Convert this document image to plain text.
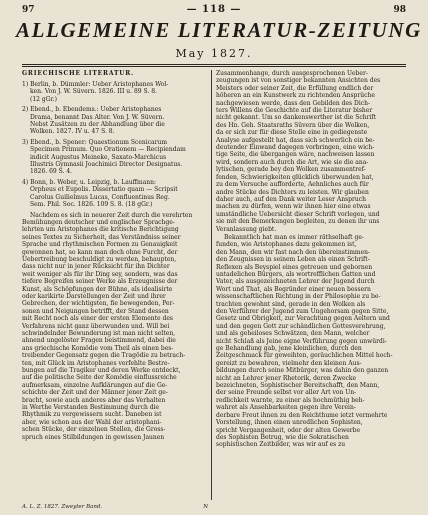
97	— 118 —	98
ALLGEMEINE LITERATUR-ZEITUNG
May 1827.
GRIECHISCHE LITERATUR.
1) Berlin, b. Dümmler: Ueber Aristophanes Wol-
ken. Von J. W. Süvern. 1826. III u. 89 S. 8.
(12 gGr.)
2) Ebend., b. Ebendems.: Ueber Aristophanes
Drama, benannt Das Alter. Von J. W. Süvern.
Nebst Zusätzen zu der Abhandlung über die
Wolken. 1827. IV u. 47 S. 8.
3) Ebend., b. Spener: Quaestionum Scenicarum
Specimen Primum. Quo Orationem — Recipiendam
indicit Augustus Meineke, Saxato-Marchicus
Illustris Gymnasii Joachimici Director Designatus.
1826. 69 S. 4.
4) Bonn, b. Weber, u. Leipzig, b. Lauffmann:
Orpheus et Eupolis. Dissertatio quam — Scripsit
Carolus Guilielmus Lucas, Confluentinus Reg.
Sem. Phil. Soc. 1826. 109 S. 8. (18 gGr.)
Nachdem es sich in neuerer Zeit durch die verehrten
Bemühungen deutscher und englischer Sprachge-
lehrten um Aristophanes die kritische Berichtigung
seines Textes zu Sicherheit, das Verständniss seiner
Sprache und rhythmischen Formen zu Genauigkeit
gewonnen hat, so kann man doch ohne Furcht, der
Uebertreibung beschuldigt zu werden, behaupten,
dass nicht nur in jener Rücksicht für ihn Dichter
weit weniger als für ihr Ding sey, sondern, was das
tiefere Begreifen seiner Werke als Erzeugnisse der
Kunst, als Schöpfungen der Bühne, als idealisirte
oder karikirte Darstellungen der Zeit und ihrer
Gebrechen, der wichtigsten, fie bewegenden, Per-
sonen und Neigungen betrifft, der Stand dessen
mit Recht noch als einer der ersten Elemente des
Verfahrens nicht ganz überwunden und. Will bei
schwindelnder Bewunderung ist man nicht selten,
ahnend ungelöster Fragen beistimmend, dabei die
ans griechische Komödie vom Theil als einen bes-
treibender Gegensatz gegen die Tragödie zu betrach-
ten, mit Glück im Aristophanes verfehlte Bestre-
bungen auf die Tragiker und deren Werke entdeckt,
auf die politische Seite der Komödie einflussreiche
aufmerksam, einzelne Aufklärungen auf die Ge-
schichte der Zeit und der Männer jener Zeit ge-
bracht, sowie auch anderes aber das Verhalten
in Werthe Verstanden Bestimmung durch die
Rhythmik zu vergewissern sucht. Daneben ist
aber, wie schon aus der Wahl der aristophani-
schen Stücke, der einzelnen Stellen, die Gross-
spruch eines Stilbildungen in gewissen Jaunen
Zusammenhange, durch ausgesprochenen Ueber-
zeugungen ist von sonstiger bekannten Ansichten des
Meisters oder seiner Zeit, die Erfüllung endlich der
höheren an ein Kunstwerk zu richtenden Ansprüche
nachgewiesen werde, dass den Gebilden des Dich-
ters Willens die Geschichte auf die Literatur bisher
nicht gekannt. Um so dankenswerther ist die Schrift
des Hn. Geh. Staatsraths Süvern über die Wolken,
da er sich zur für diese Stelle eine in gediegenste
Analyse aufgestellt hat, dass sich schwerlich ein be-
deutender Einwand dagegen vorbringen, eine wich-
tige Seite, die übergangen wäre, nachweisen lassen
wird, sondern auch durch die Art, wie sie die ana-
lytischen, gerade bey den Wolken zusammentref-
fenden, Schwierigkeiten glücklich überwunden hat,
zu dem Versuche aufforderte, Aehnliches auch für
andre Stücke des Dichters zu leisten. Wir glauben
daher auch, auf den Dank weiter Leser Anspruch
machen zu dürfen, wenn wir ihnen hier eine etwas
umständliche Uebersicht dieser Schrift vorlegen, und
sie mit den Bemerkungen begleiten, zu denen ihr uns
Veranlassung giebt.
Bekanntlich hat man es immer räthselhaft ge-
funden, wie Aristophanes dazu gekommen ist,
den Mann, den wir fast nach den übereinstimmen-
den Zeugnissen in seinem Leben als einen Schrift-
Reflexen als Beyspiel eines getreuen und gebornen
untadelichen Bürgers, als wortrefflichen Gatten und
Vater, als ausgezeichneten Lehrer der Jugend durch
Wort und That, als Begründer einer neuen bessern
wissenschaftlichen Richtung in der Philosophie zu be-
trachten gewohnt sind, gerade in den Wolken als
den Verführer der Jugend zum Ungehorsam gegen Sitte,
Gesetz und Obrigkeit, zur Verachtung gegen Aeltern und
und den gegen Gott zur schändlichen Gottesverehrung,
und als geheiloses Schwätzen, den Mann, welcher
nicht Schlaß als Jeine eigne Verführung gegen unwürdi-
ge Behandlung gab, jene kleinlichen, durch den
Zeitgeschmack für geweihten, geräuchlichen Mittel hoch-
gereizt zu bewahren, vielmehr den kleinen Aus-
bildungen durch seine Mitbürger, was dahin den ganzen
nicht an Lehrer jener Rhetorik, deren Zwecke
bezeichneten, Sophistischer Bereitschafft, den Mann,
der seine Freunde selbst vor aller Art von Un-
redlichkeit warnte, zu einer als hochmüthig beh-
wahret als Ansehbarkeiten gegen ihre Verein-
derbare Freut ihnen zu den Reichthume ietzt vermehrte
Vorstellung, ihnen einen unredlichen Sophisten,
spricht Vergangenheit, oder der alten Gewerbe
des Sophisten Betrug, wie die Sokratischen
sophistischen Zeitbilder, was wir auf es zu
A. L. Z. 1827. Zweyter Band.	N
